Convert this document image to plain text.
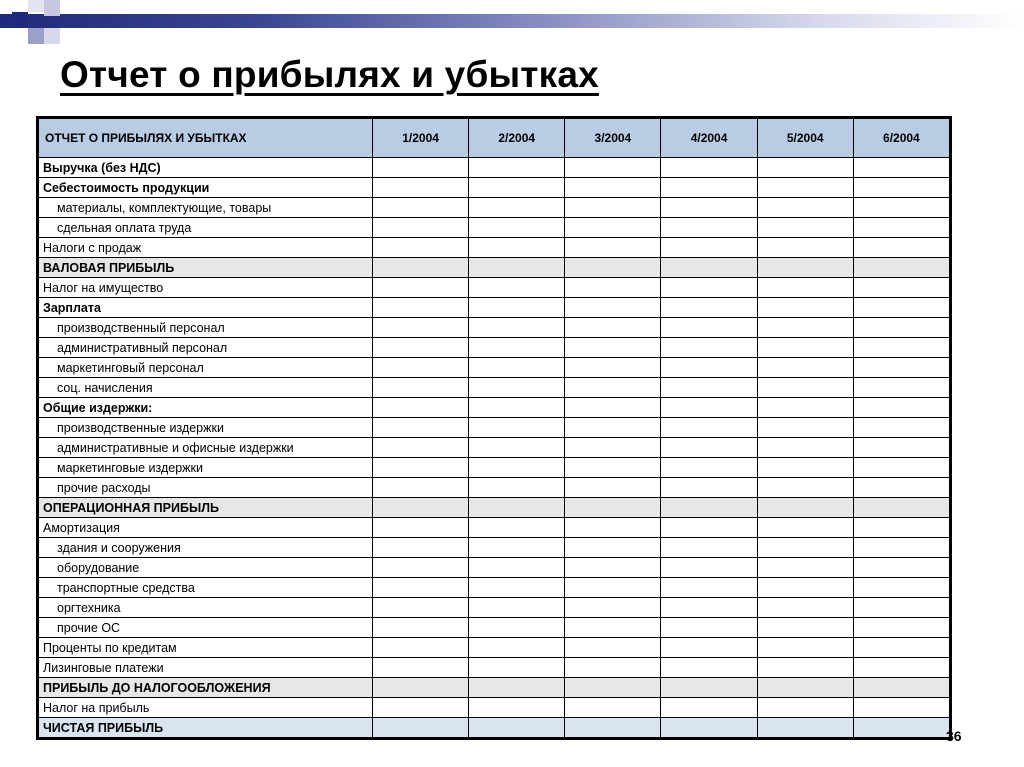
Отчет о прибылях и убытках
ОТЧЕТ О ПРИБЫЛЯХ И УБЫТКАХ	1/2004	2/2004	3/2004	4/2004	5/2004	6/2004
Выручка (без НДС)						
Себестоимость продукции						
материалы, комплектующие, товары						
сдельная оплата труда						
Налоги с продаж						
ВАЛОВАЯ ПРИБЫЛЬ						
Налог на имущество						
Зарплата						
производственный персонал						
административный персонал						
маркетинговый персонал						
соц. начисления						
Общие издержки:						
производственные издержки						
административные и офисные издержки						
маркетинговые издержки						
прочие расходы						
ОПЕРАЦИОННАЯ ПРИБЫЛЬ						
Амортизация						
здания и сооружения						
оборудование						
транспортные средства						
оргтехника						
прочие ОС						
Проценты по кредитам						
Лизинговые платежи						
ПРИБЫЛЬ ДО НАЛОГООБЛОЖЕНИЯ						
Налог на прибыль						
ЧИСТАЯ ПРИБЫЛЬ						
36
